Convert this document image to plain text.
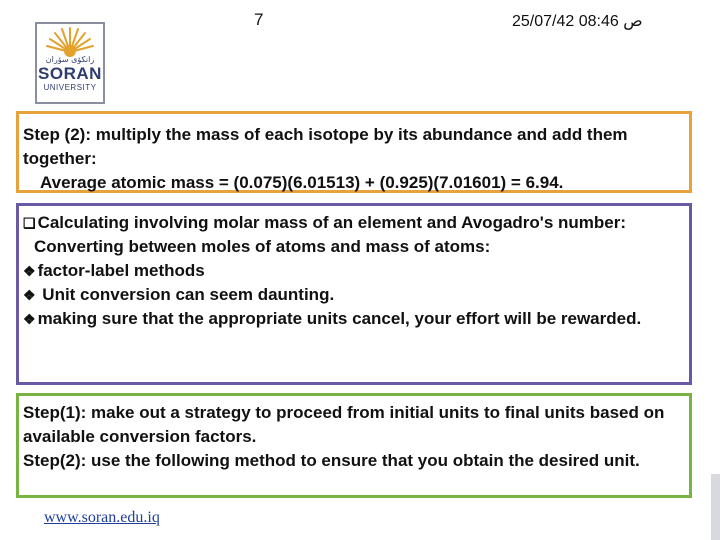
7	25/07/42 08:46 ص
زانكۆى سۆران
SORAN
UNIVERSITY
Step (2): multiply the mass of each isotope by its abundance and add them together:
Average atomic mass = (0.075)(6.01513) + (0.925)(7.01601) = 6.94.
❏ Calculating involving molar mass of an element and Avogadro's number:
Converting between moles of atoms and mass of atoms:
❖ factor-label methods
❖ Unit conversion can seem daunting.
❖ making sure that the appropriate units cancel, your effort will be rewarded.
Step(1): make out a strategy to proceed from initial units to final units based on available conversion factors.
Step(2): use the following method to ensure that you obtain the desired unit.
www.soran.edu.iq
